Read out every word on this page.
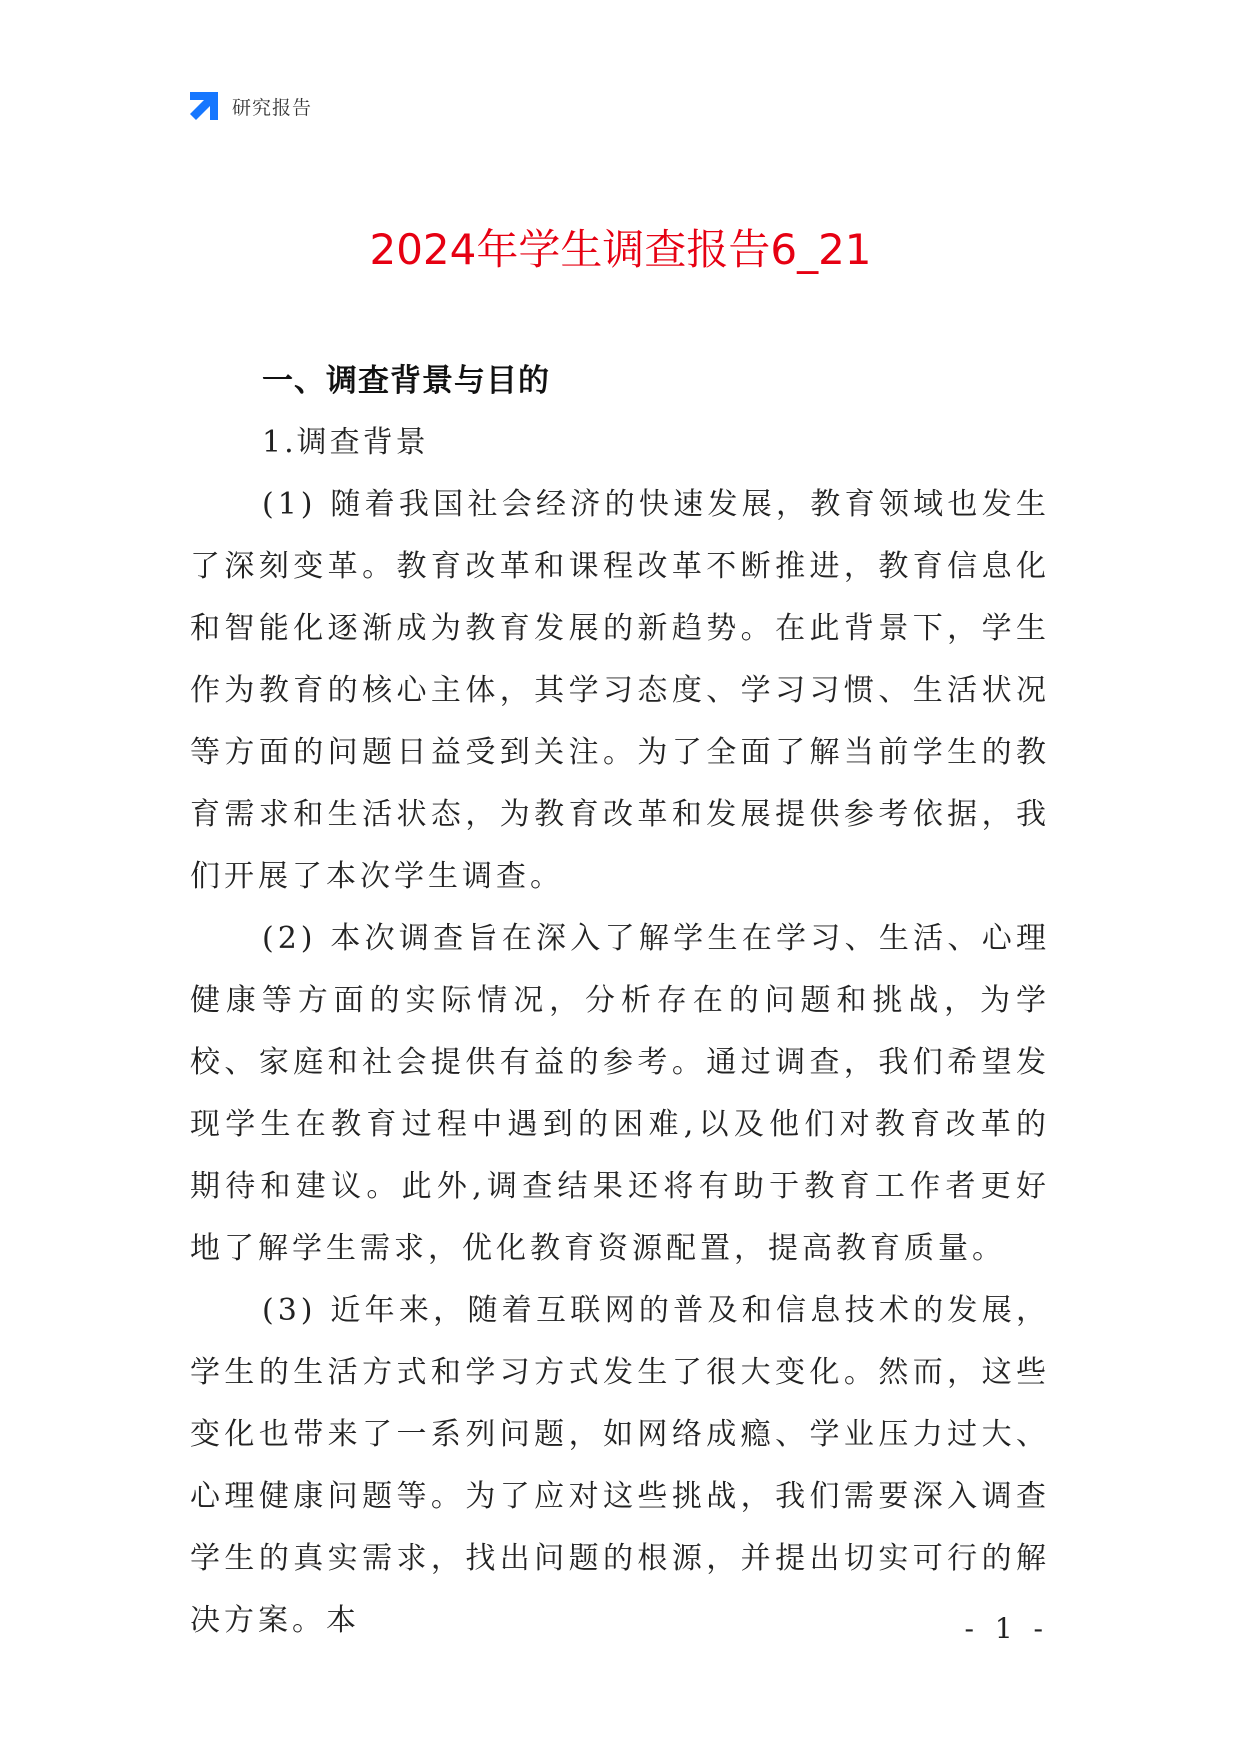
研究报告
2024年学生调查报告6_21

一、调查背景与目的

1.调查背景

(1) 随着我国社会经济的快速发展，教育领域也发生了深刻变革。教育改革和课程改革不断推进，教育信息化和智能化逐渐成为教育发展的新趋势。在此背景下，学生作为教育的核心主体，其学习态度、学习习惯、生活状况等方面的问题日益受到关注。为了全面了解当前学生的教育需求和生活状态，为教育改革和发展提供参考依据，我们开展了本次学生调查。

(2) 本次调查旨在深入了解学生在学习、生活、心理健康等方面的实际情况，分析存在的问题和挑战，为学校、家庭和社会提供有益的参考。通过调查，我们希望发现学生在教育过程中遇到的困难,以及他们对教育改革的期待和建议。此外,调查结果还将有助于教育工作者更好地了解学生需求，优化教育资源配置，提高教育质量。

(3) 近年来，随着互联网的普及和信息技术的发展，学生的生活方式和学习方式发生了很大变化。然而，这些变化也带来了一系列问题，如网络成瘾、学业压力过大、心理健康问题等。为了应对这些挑战，我们需要深入调查学生的真实需求，找出问题的根源，并提出切实可行的解决方案。本	- 1 -
